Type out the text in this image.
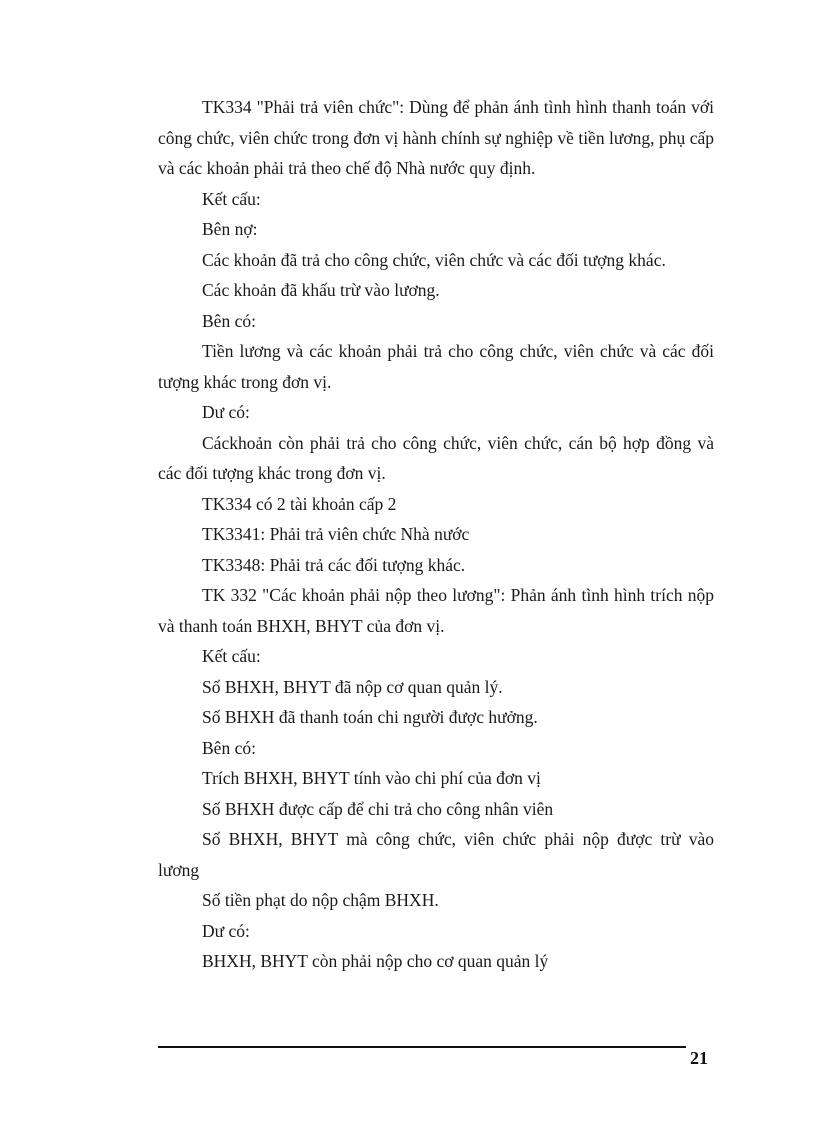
TK334 "Phải trả viên chức": Dùng để phản ánh tình hình thanh toán với công chức, viên chức trong đơn vị hành chính sự nghiệp về tiền lương, phụ cấp và các khoản phải trả theo chế độ Nhà nước quy định.

Kết cấu:

Bên nợ:

Các khoản đã trả cho công chức, viên chức và các đối tượng khác.

Các khoản đã khấu trừ vào lương.

Bên có:

Tiền lương và các khoản phải trả cho công chức, viên chức và các đối tượng khác trong đơn vị.

Dư có:

Cáckhoản còn phải trả cho công chức, viên chức, cán bộ hợp đồng và các đối tượng khác trong đơn vị.

TK334 có 2 tài khoản cấp 2

TK3341: Phải trả viên chức Nhà nước

TK3348: Phải trả các đối tượng khác.

TK 332 "Các khoản phải nộp theo lương": Phản ánh tình hình trích nộp và thanh toán BHXH, BHYT của đơn vị.

Kết cấu:

Số BHXH, BHYT đã nộp cơ quan quản lý.

Số BHXH đã thanh toán chi người được hưởng.

Bên có:

Trích BHXH, BHYT tính vào chi phí của đơn vị

Số BHXH được cấp để chi trả cho công nhân viên

Số BHXH, BHYT mà công chức, viên chức phải nộp được trừ vào lương

Số tiền phạt do nộp chậm BHXH.

Dư có:

BHXH, BHYT còn phải nộp cho cơ quan quản lý

21
